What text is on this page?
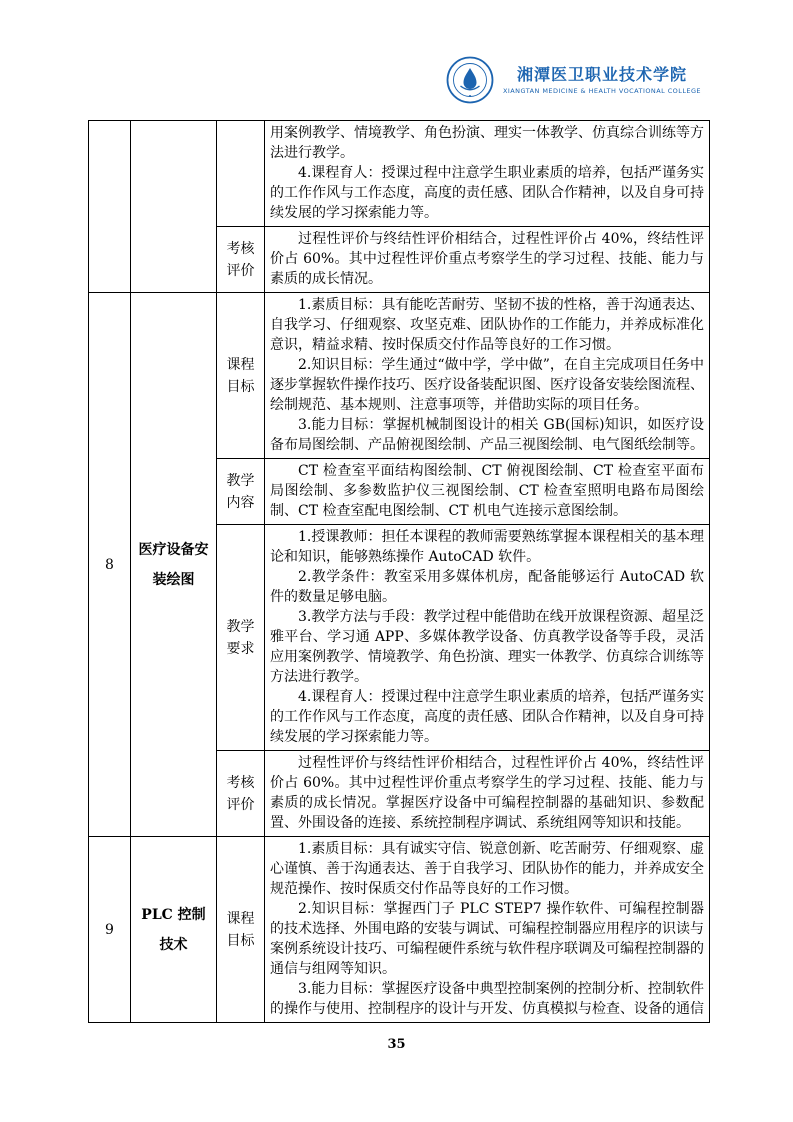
湘潭医卫职业技术学院
XIANGTAN MEDICINE & HEALTH VOCATIONAL COLLEGE

			用案例教学、情境教学、角色扮演、理实一体教学、仿真综合训练等方法进行教学。

4.课程育人：授课过程中注意学生职业素质的培养，包括严谨务实的工作作风与工作态度，高度的责任感、团队合作精神，以及自身可持续发展的学习探索能力等。

		考核评价	过程性评价与终结性评价相结合，过程性评价占 40%，终结性评价占 60%。其中过程性评价重点考察学生的学习过程、技能、能力与素质的成长情况。

8	医疗设备安装绘图	课程目标	1.素质目标：具有能吃苦耐劳、坚韧不拔的性格，善于沟通表达、自我学习、仔细观察、攻坚克难、团队协作的工作能力，并养成标准化意识，精益求精、按时保质交付作品等良好的工作习惯。

2.知识目标：学生通过“做中学，学中做”，在自主完成项目任务中逐步掌握软件操作技巧、医疗设备装配识图、医疗设备安装绘图流程、绘制规范、基本规则、注意事项等，并借助实际的项目任务。

3.能力目标：掌握机械制图设计的相关 GB(国标)知识，如医疗设备布局图绘制、产品俯视图绘制、产品三视图绘制、电气图纸绘制等。

		教学内容	CT 检查室平面结构图绘制、CT 俯视图绘制、CT 检查室平面布局图绘制、多参数监护仪三视图绘制、CT 检查室照明电路布局图绘制、CT 检查室配电图绘制、CT 机电气连接示意图绘制。

		教学要求	1.授课教师：担任本课程的教师需要熟练掌握本课程相关的基本理论和知识，能够熟练操作 AutoCAD 软件。

2.教学条件：教室采用多媒体机房，配备能够运行 AutoCAD 软件的数量足够电脑。

3.教学方法与手段：教学过程中能借助在线开放课程资源、超星泛雅平台、学习通 APP、多媒体教学设备、仿真教学设备等手段，灵活应用案例教学、情境教学、角色扮演、理实一体教学、仿真综合训练等方法进行教学。

4.课程育人：授课过程中注意学生职业素质的培养，包括严谨务实的工作作风与工作态度，高度的责任感、团队合作精神，以及自身可持续发展的学习探索能力等。

		考核评价	过程性评价与终结性评价相结合，过程性评价占 40%，终结性评价占 60%。其中过程性评价重点考察学生的学习过程、技能、能力与素质的成长情况。掌握医疗设备中可编程控制器的基础知识、参数配置、外围设备的连接、系统控制程序调试、系统组网等知识和技能。

9	PLC 控制技术	课程目标	1.素质目标：具有诚实守信、锐意创新、吃苦耐劳、仔细观察、虚心谨慎、善于沟通表达、善于自我学习、团队协作的能力，并养成安全规范操作、按时保质交付作品等良好的工作习惯。

2.知识目标：掌握西门子 PLC STEP7 操作软件、可编程控制器的技术选择、外围电路的安装与调试、可编程控制器应用程序的识读与案例系统设计技巧、可编程硬件系统与软件程序联调及可编程控制器的通信与组网等知识。

3.能力目标：掌握医疗设备中典型控制案例的控制分析、控制软件的操作与使用、控制程序的设计与开发、仿真模拟与检查、设备的通信

35
